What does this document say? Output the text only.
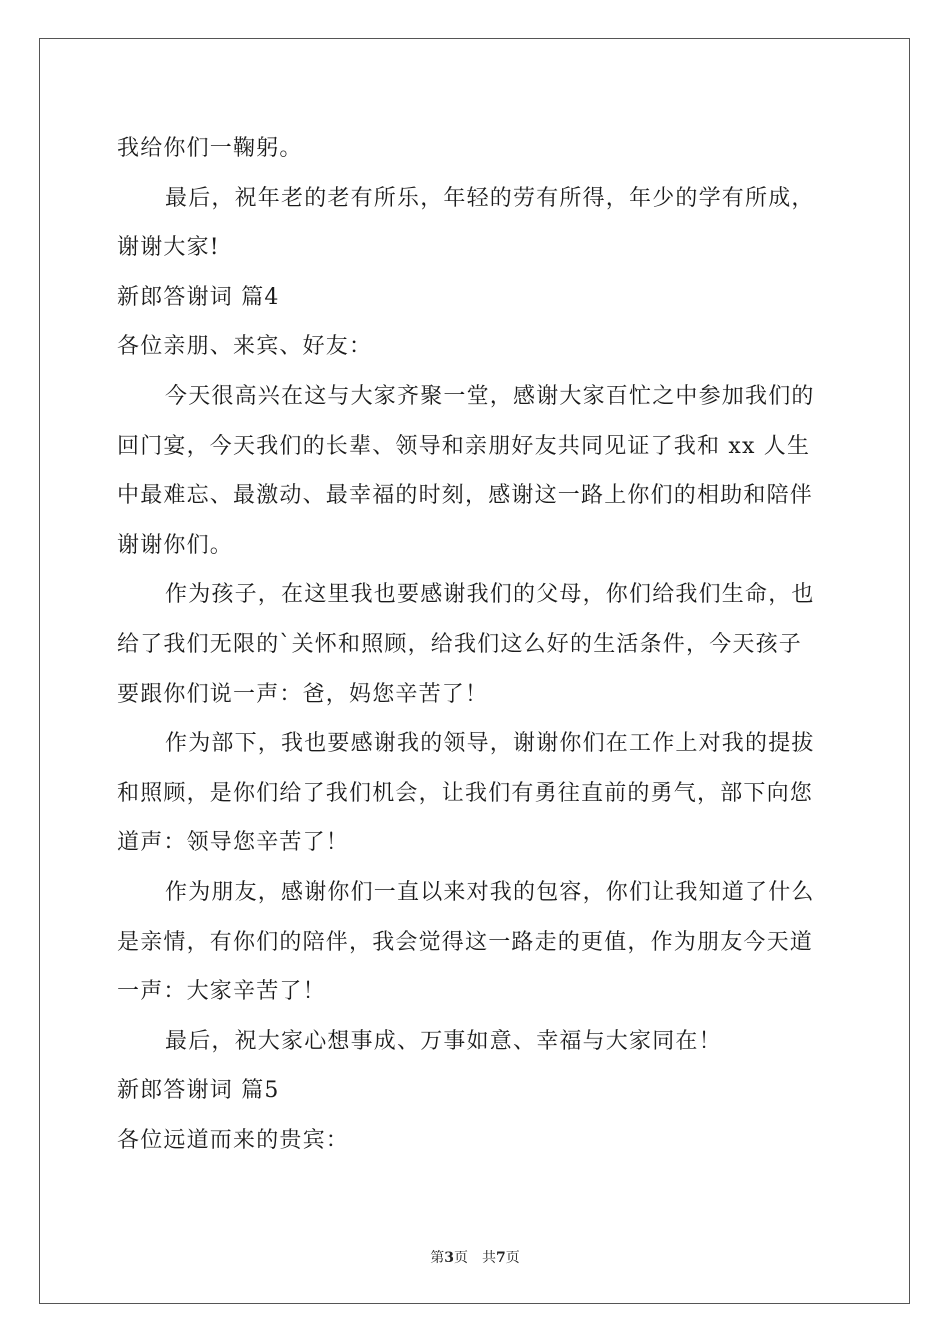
我给你们一鞠躬。
最后，祝年老的老有所乐，年轻的劳有所得，年少的学有所成，
谢谢大家!
新郎答谢词 篇4
各位亲朋、来宾、好友：
今天很高兴在这与大家齐聚一堂，感谢大家百忙之中参加我们的
回门宴，今天我们的长辈、领导和亲朋好友共同见证了我和 xx 人生
中最难忘、最激动、最幸福的时刻，感谢这一路上你们的相助和陪伴
谢谢你们。
作为孩子，在这里我也要感谢我们的父母，你们给我们生命，也
给了我们无限的`关怀和照顾，给我们这么好的生活条件，今天孩子
要跟你们说一声：爸，妈您辛苦了！
作为部下，我也要感谢我的领导，谢谢你们在工作上对我的提拔
和照顾，是你们给了我们机会，让我们有勇往直前的勇气，部下向您
道声：领导您辛苦了！
作为朋友，感谢你们一直以来对我的包容，你们让我知道了什么
是亲情，有你们的陪伴，我会觉得这一路走的更值，作为朋友今天道
一声：大家辛苦了！
最后，祝大家心想事成、万事如意、幸福与大家同在！
新郎答谢词 篇5
各位远道而来的贵宾：
第3页 共7页
